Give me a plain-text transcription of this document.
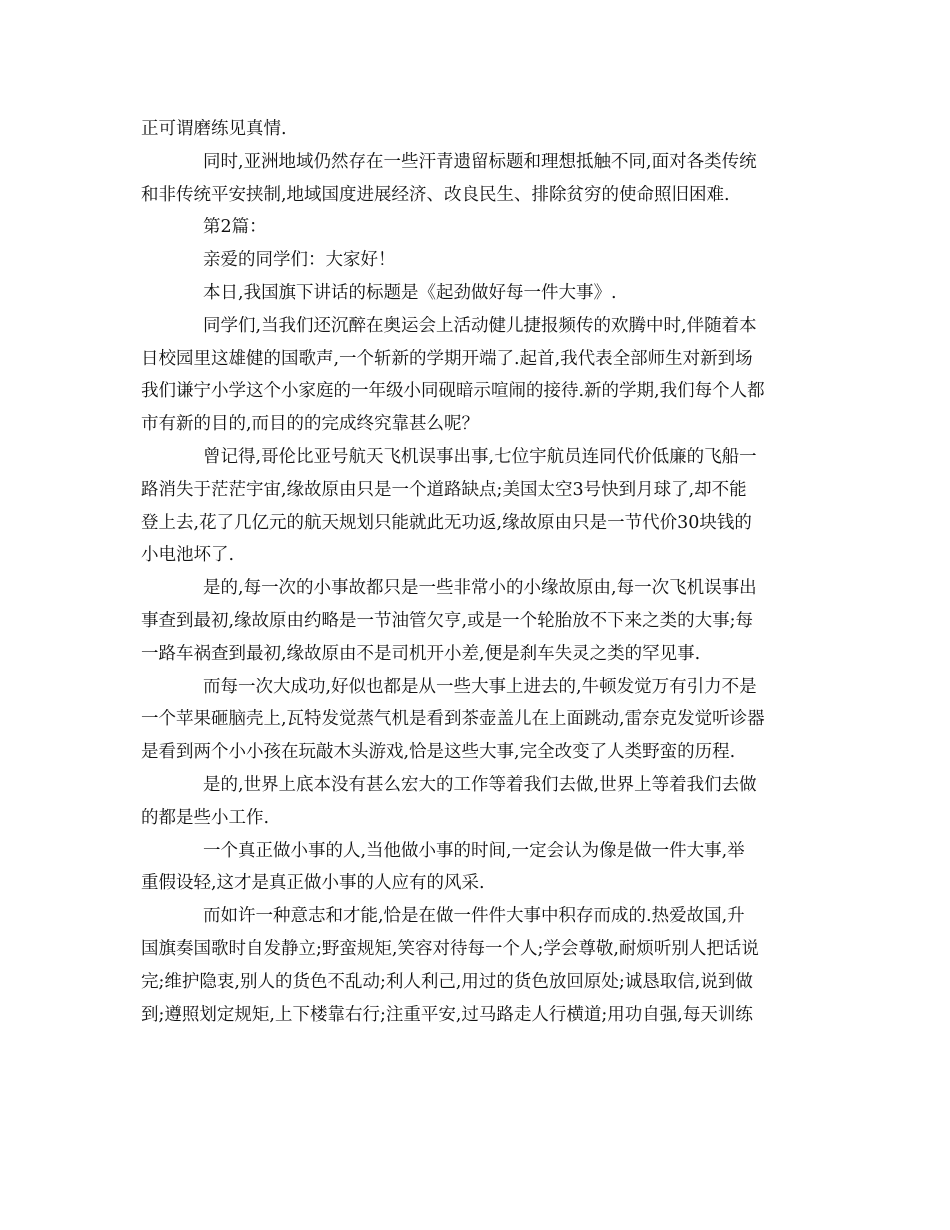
正可谓磨练见真情.
同时,亚洲地域仍然存在一些汗青遗留标题和理想抵触不同,面对各类传统
和非传统平安挟制,地域国度进展经济、改良民生、排除贫穷的使命照旧困难.
第2篇：
亲爱的同学们：大家好！
本日,我国旗下讲话的标题是《起劲做好每一件大事》.
同学们,当我们还沉醉在奥运会上活动健儿捷报频传的欢腾中时,伴随着本
日校园里这雄健的国歌声,一个斩新的学期开端了.起首,我代表全部师生对新到场
我们谦宁小学这个小家庭的一年级小同砚暗示喧闹的接待.新的学期,我们每个人都
市有新的目的,而目的的完成终究靠甚么呢？
曾记得,哥伦比亚号航天飞机误事出事,七位宇航员连同代价低廉的飞船一
路消失于茫茫宇宙,缘故原由只是一个道路缺点;美国太空3号快到月球了,却不能
登上去,花了几亿元的航天规划只能就此无功返,缘故原由只是一节代价30块钱的
小电池坏了.
是的,每一次的小事故都只是一些非常小的小缘故原由,每一次飞机误事出
事查到最初,缘故原由约略是一节油管欠亨,或是一个轮胎放不下来之类的大事;每
一路车祸查到最初,缘故原由不是司机开小差,便是刹车失灵之类的罕见事.
而每一次大成功,好似也都是从一些大事上进去的,牛顿发觉万有引力不是
一个苹果砸脑壳上,瓦特发觉蒸气机是看到茶壶盖儿在上面跳动,雷奈克发觉听诊器
是看到两个小小孩在玩敲木头游戏,恰是这些大事,完全改变了人类野蛮的历程.
是的,世界上底本没有甚么宏大的工作等着我们去做,世界上等着我们去做
的都是些小工作.
一个真正做小事的人,当他做小事的时间,一定会认为像是做一件大事,举
重假设轻,这才是真正做小事的人应有的风采.
而如许一种意志和才能,恰是在做一件件大事中积存而成的.热爱故国,升
国旗奏国歌时自发静立;野蛮规矩,笑容对待每一个人;学会尊敬,耐烦听别人把话说
完;维护隐衷,别人的货色不乱动;利人利己,用过的货色放回原处;诚恳取信,说到做
到;遵照划定规矩,上下楼靠右行;注重平安,过马路走人行横道;用功自强,每天训练
